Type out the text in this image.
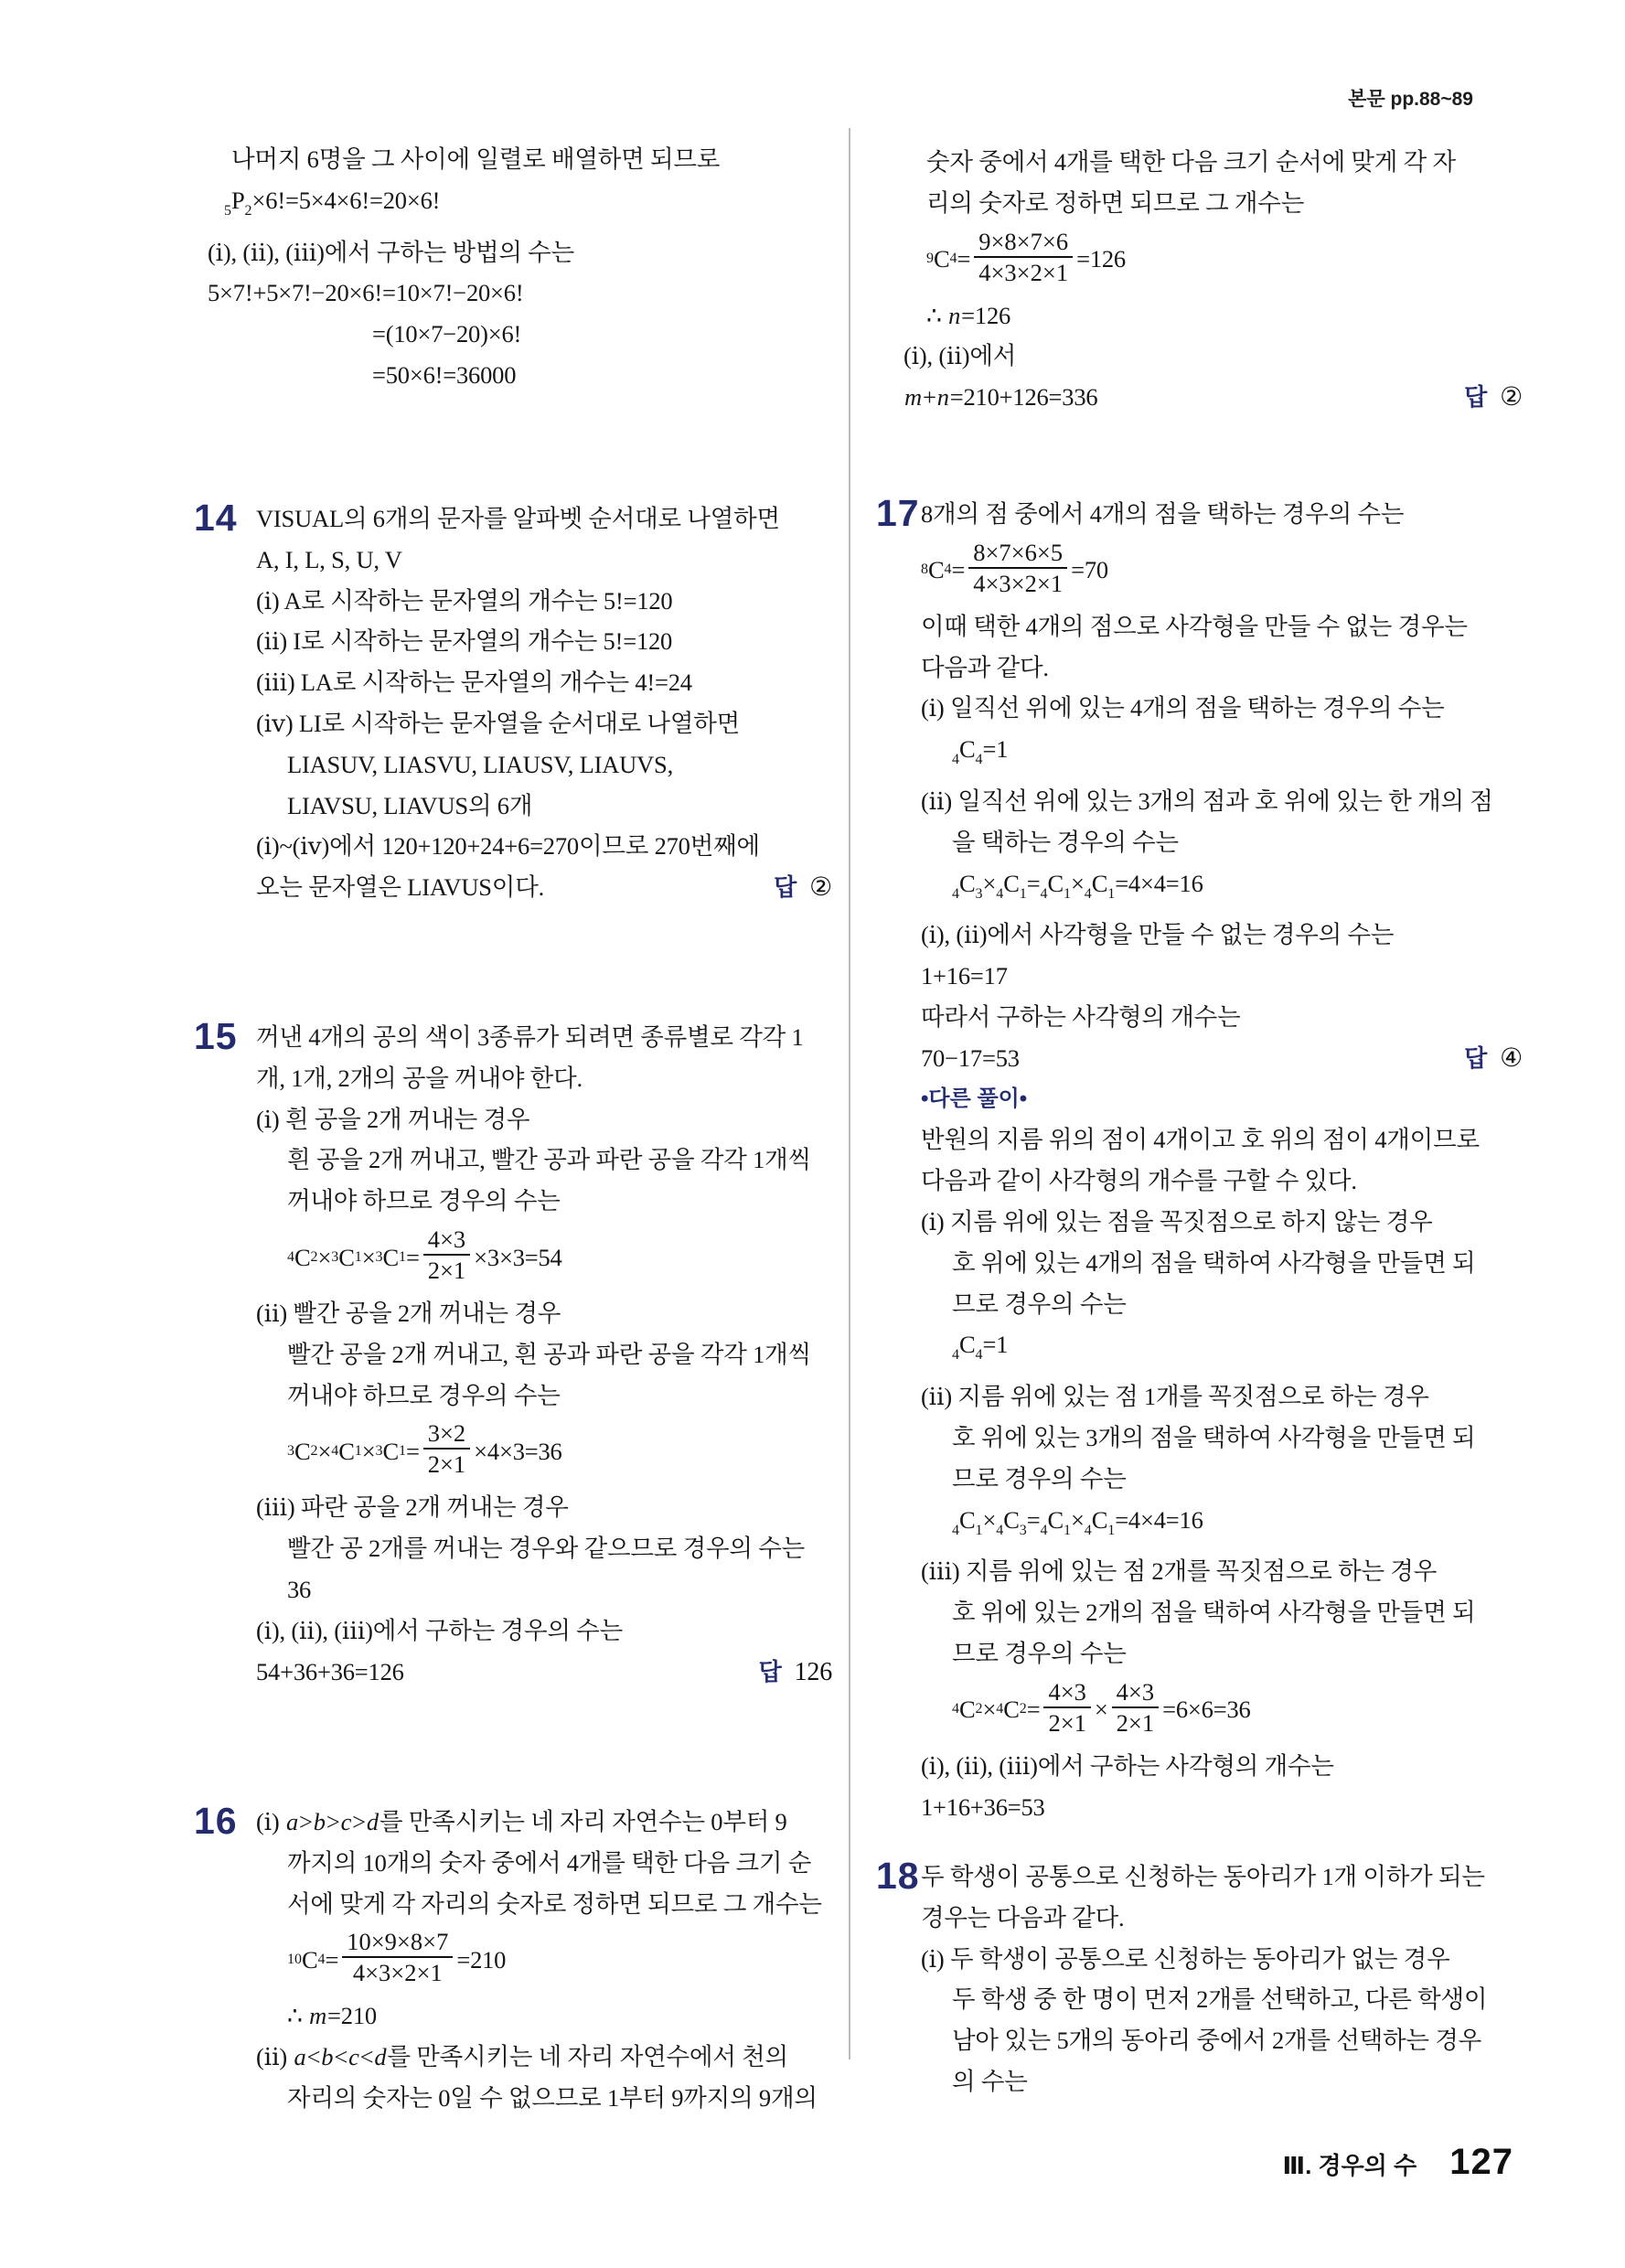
본문 pp.88~89
나머지 6명을 그 사이에 일렬로 배열하면 되므로
$_5P_2\times 6!=5\times 4\times 6!=20\times 6$!
(ⅰ), (ⅱ), (ⅲ)에서 구하는 방법의 수는
5×7!+5×7!−20×6!=10×7!−20×6!
=(10×7−20)×6!
=50×6!=36000
14 VISUAL의 6개의 문자를 알파벳 순서대로 나열하면
A, I, L, S, U, V
(ⅰ) A로 시작하는 문자열의 개수는 5!=120
(ⅱ) I로 시작하는 문자열의 개수는 5!=120
(ⅲ) LA로 시작하는 문자열의 개수는 4!=24
(ⅳ) LI로 시작하는 문자열을 순서대로 나열하면
LIASUV, LIASVU, LIAUSV, LIAUVS,
LIAVSU, LIAVUS의 6개
(ⅰ)~(ⅳ)에서 120+120+24+6=270이므로 270번째에
오는 문자열은 LIAVUS이다.	답 ②
15 꺼낸 4개의 공의 색이 3종류가 되려면 종류별로 각각 1
개, 1개, 2개의 공을 꺼내야 한다.
(ⅰ) 흰 공을 2개 꺼내는 경우
흰 공을 2개 꺼내고, 빨간 공과 파란 공을 각각 1개씩
꺼내야 하므로 경우의 수는
4 C 2 × 3 C 1 × 3 C $1 = \frac{4\times 3}{2\times 1} \times 3\times 3=54$
(ⅱ) 빨간 공을 2개 꺼내는 경우
빨간 공을 2개 꺼내고, 흰 공과 파란 공을 각각 1개씩
꺼내야 하므로 경우의 수는
3 C 2 × 4 C 1 × 3 C $1 = \frac{3\times 2}{2\times 1} \times 4\times 3=36$
(ⅲ) 파란 공을 2개 꺼내는 경우
빨간 공 2개를 꺼내는 경우와 같으므로 경우의 수는
36
(ⅰ), (ⅱ), (ⅲ)에서 구하는 경우의 수는
54+36+36=126	답 126
16 (ⅰ) a>b>c>d를 만족시키는 네 자리 자연수는 0부터 9
까지의 10개의 숫자 중에서 4개를 택한 다음 크기 순
서에 맞게 각 자리의 숫자로 정하면 되므로 그 개수는
10 C $4 = \frac{10\times 9\times 8\times 7}{4\times 3\times 2\times 1} =210$
∴ m=210
(ⅱ) a<b<c<d를 만족시키는 네 자리 자연수에서 천의
자리의 숫자는 0일 수 없으므로 1부터 9까지의 9개의
숫자 중에서 4개를 택한 다음 크기 순서에 맞게 각 자
리의 숫자로 정하면 되므로 그 개수는
9 C $4 = \frac{9\times 8\times 7\times 6}{4\times 3\times 2\times 1} =126$
∴ n=126
(ⅰ), (ⅱ)에서
m+n=210+126=336	답 ②
17 8개의 점 중에서 4개의 점을 택하는 경우의 수는
8 C $4 = \frac{8\times 7\times 6\times 5}{4\times 3\times 2\times 1} =70$
이때 택한 4개의 점으로 사각형을 만들 수 없는 경우는
다음과 같다.
(ⅰ) 일직선 위에 있는 4개의 점을 택하는 경우의 수는
$_4C_4=1$
(ⅱ) 일직선 위에 있는 3개의 점과 호 위에 있는 한 개의 점
을 택하는 경우의 수는
$_4C_3\times_4C_1=_4C_1\times_4C_1=4\times 4=16$
(ⅰ), (ⅱ)에서 사각형을 만들 수 없는 경우의 수는
1+16=17
따라서 구하는 사각형의 개수는
70−17=53	답 ④
•다른 풀이•
반원의 지름 위의 점이 4개이고 호 위의 점이 4개이므로
다음과 같이 사각형의 개수를 구할 수 있다.
(ⅰ) 지름 위에 있는 점을 꼭짓점으로 하지 않는 경우
호 위에 있는 4개의 점을 택하여 사각형을 만들면 되
므로 경우의 수는
$_4C_4=1$
(ⅱ) 지름 위에 있는 점 1개를 꼭짓점으로 하는 경우
호 위에 있는 3개의 점을 택하여 사각형을 만들면 되
므로 경우의 수는
$_4C_1\times_4C_3=_4C_1\times_4C_1=4\times 4=16$
(ⅲ) 지름 위에 있는 점 2개를 꼭짓점으로 하는 경우
호 위에 있는 2개의 점을 택하여 사각형을 만들면 되
므로 경우의 수는
4 C 2 × 4 C $2 = \frac{4\times 3}{2\times 1} \times \frac{4\times 3}{2\times 1} =6\times 6=36$
(ⅰ), (ⅱ), (ⅲ)에서 구하는 사각형의 개수는
1+16+36=53
18 두 학생이 공통으로 신청하는 동아리가 1개 이하가 되는
경우는 다음과 같다.
(ⅰ) 두 학생이 공통으로 신청하는 동아리가 없는 경우
두 학생 중 한 명이 먼저 2개를 선택하고, 다른 학생이
남아 있는 5개의 동아리 중에서 2개를 선택하는 경우
의 수는
Ⅲ. 경우의 수 127
